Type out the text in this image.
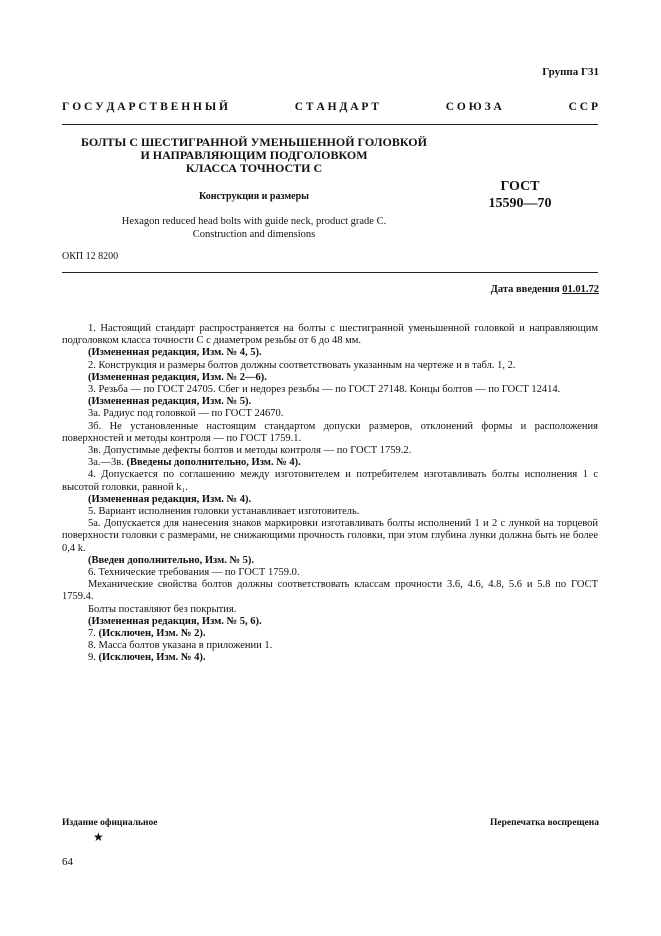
Группа Г31
Г О С У Д А Р С Т В Е Н Н Ы Й	С Т А Н Д А Р Т	С О Ю З А	С С Р
БОЛТЫ С ШЕСТИГРАННОЙ УМЕНЬШЕННОЙ ГОЛОВКОЙ
И НАПРАВЛЯЮЩИМ ПОДГОЛОВКОМ
КЛАССА ТОЧНОСТИ С
Конструкция и размеры
Hexagon reduced head bolts with guide neck, product grade C.
Construction and dimensions
ГОСТ
15590—70
ОКП 12 8200
Дата введения 01.01.72

1. Настоящий стандарт распространяется на болты с шестигранной уменьшенной головкой и направляющим подголовком класса точности С с диаметром резьбы от 6 до 48 мм.

(Измененная редакция, Изм. № 4, 5).

2. Конструкция и размеры болтов должны соответствовать указанным на чертеже и в табл. 1, 2.

(Измененная редакция, Изм. № 2—6).

3. Резьба — по ГОСТ 24705. Сбег и недорез резьбы — по ГОСТ 27148. Концы болтов — по ГОСТ 12414.

(Измененная редакция, Изм. № 5).

3а. Радиус под головкой — по ГОСТ 24670.

3б. Не установленные настоящим стандартом допуски размеров, отклонений формы и расположения поверхностей и методы контроля — по ГОСТ 1759.1.

3в. Допустимые дефекты болтов и методы контроля — по ГОСТ 1759.2.

3а.—3в. (Введены дополнительно, Изм. № 4).

4. Допускается по соглашению между изготовителем и потребителем изготавливать болты исполнения 1 с высотой головки, равной k₁.

(Измененная редакция, Изм. № 4).

5. Вариант исполнения головки устанавливает изготовитель.

5а. Допускается для нанесения знаков маркировки изготавливать болты исполнений 1 и 2 с лункой на торцевой поверхности головки с размерами, не снижающими прочность головки, при этом глубина лунки должна быть не более 0,4 k.

(Введен дополнительно, Изм. № 5).

6. Технические требования — по ГОСТ 1759.0.

Механические свойства болтов должны соответствовать классам прочности 3.6, 4.6, 4.8, 5.6 и 5.8 по ГОСТ 1759.4.

Болты поставляют без покрытия.

(Измененная редакция, Изм. № 5, 6).

7. (Исключен, Изм. № 2).

8. Масса болтов указана в приложении 1.

9. (Исключен, Изм. № 4).

Издание официальное
★
Перепечатка воспрещена
64
